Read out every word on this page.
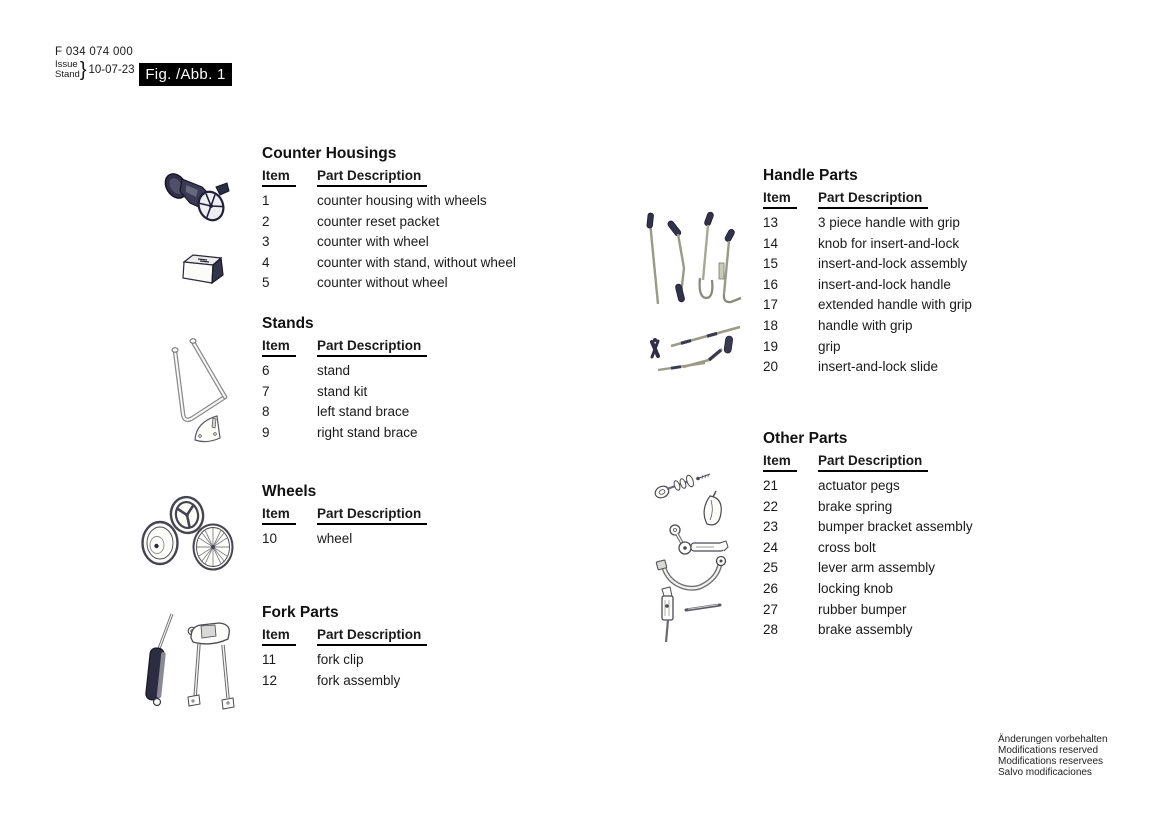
F 034 074 000
Issue
Stand } 10-07-23 Fig. /Abb. 1
Counter Housings
Item	Part Description
1	counter housing with wheels
2	counter reset packet
3	counter with wheel
4	counter with stand, without wheel
5	counter without wheel
Stands
Item	Part Description
6	stand
7	stand kit
8	left stand brace
9	right stand brace
Wheels
Item	Part Description
10	wheel
Fork Parts
Item	Part Description
11	fork clip
12	fork assembly
Handle Parts
Item	Part Description
13	3 piece handle with grip
14	knob for insert-and-lock
15	insert-and-lock assembly
16	insert-and-lock handle
17	extended handle with grip
18	handle with grip
19	grip
20	insert-and-lock slide
Other Parts
Item	Part Description
21	actuator pegs
22	brake spring
23	bumper bracket assembly
24	cross bolt
25	lever arm assembly
26	locking knob
27	rubber bumper
28	brake assembly
Änderungen vorbehalten
Modifications reserved
Modifications reservees
Salvo modificaciones
